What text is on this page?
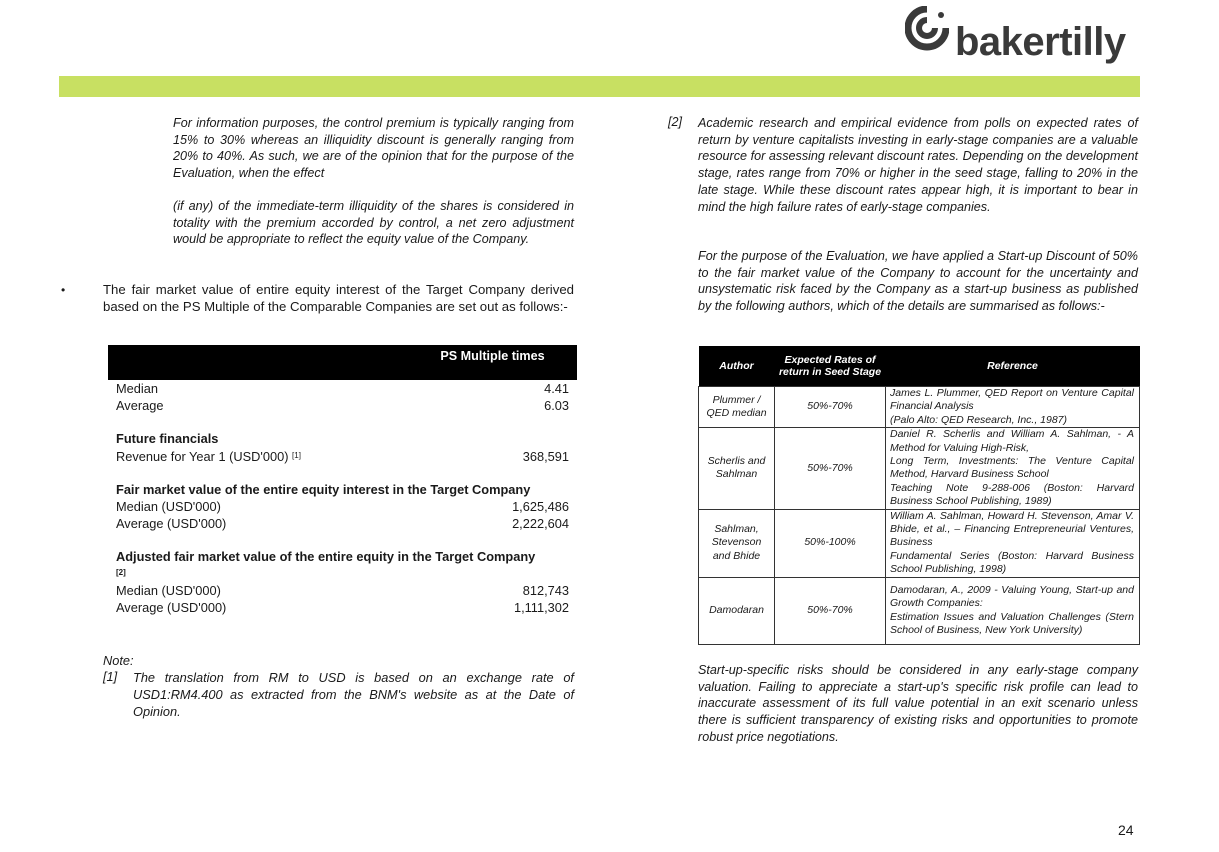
bakertilly

For information purposes, the control premium is typically ranging from 15% to 30% whereas an illiquidity discount is generally ranging from 20% to 40%. As such, we are of the opinion that for the purpose of the Evaluation, when the effect

(if any) of the immediate-term illiquidity of the shares is considered in totality with the premium accorded by control, a net zero adjustment would be appropriate to reflect the equity value of the Company.

•	The fair market value of entire equity interest of the Target Company derived based on the PS Multiple of the Comparable Companies are set out as follows:-

PS Multiple times
Median	4.41
Average	6.03
Future financials
Revenue for Year 1 (USD'000) [1]	368,591
Fair market value of the entire equity interest in the Target Company
Median (USD'000)	1,625,486
Average (USD'000)	2,222,604
Adjusted fair market value of the entire equity in the Target Company [2]
Median (USD'000)	812,743
Average (USD'000)	1,111,302
Note:
[1] The translation from RM to USD is based on an exchange rate of USD1:RM4.400 as extracted from the BNM's website as at the Date of Opinion.

[2] Academic research and empirical evidence from polls on expected rates of return by venture capitalists investing in early-stage companies are a valuable resource for assessing relevant discount rates. Depending on the development stage, rates range from 70% or higher in the seed stage, falling to 20% in the late stage. While these discount rates appear high, it is important to bear in mind the high failure rates of early-stage companies.

For the purpose of the Evaluation, we have applied a Start-up Discount of 50% to the fair market value of the Company to account for the uncertainty and unsystematic risk faced by the Company as a start-up business as published by the following authors, which of the details are summarised as follows:-

Author	Expected Rates of return in Seed Stage	Reference
Plummer / QED median	50%-70%	James L. Plummer, QED Report on Venture Capital Financial Analysis
(Palo Alto: QED Research, Inc., 1987)

Scherlis and Sahlman	50%-70%	Daniel R. Scherlis and William A. Sahlman, - A Method for Valuing High-Risk,
Long Term, Investments: The Venture Capital Method, Harvard Business School
Teaching Note 9-288-006 (Boston: Harvard Business School Publishing, 1989)

Sahlman, Stevenson and Bhide	50%-100%	William A. Sahlman, Howard H. Stevenson, Amar V. Bhide, et al., – Financing Entrepreneurial Ventures, Business
Fundamental Series (Boston: Harvard Business School Publishing, 1998)

Damodaran	50%-70%	Damodaran, A., 2009 - Valuing Young, Start-up and Growth Companies:
Estimation Issues and Valuation Challenges (Stern School of Business, New York University)

Start-up-specific risks should be considered in any early-stage company valuation. Failing to appreciate a start-up's specific risk profile can lead to inaccurate assessment of its full value potential in an exit scenario unless there is sufficient transparency of existing risks and opportunities to promote robust price negotiations.

24
